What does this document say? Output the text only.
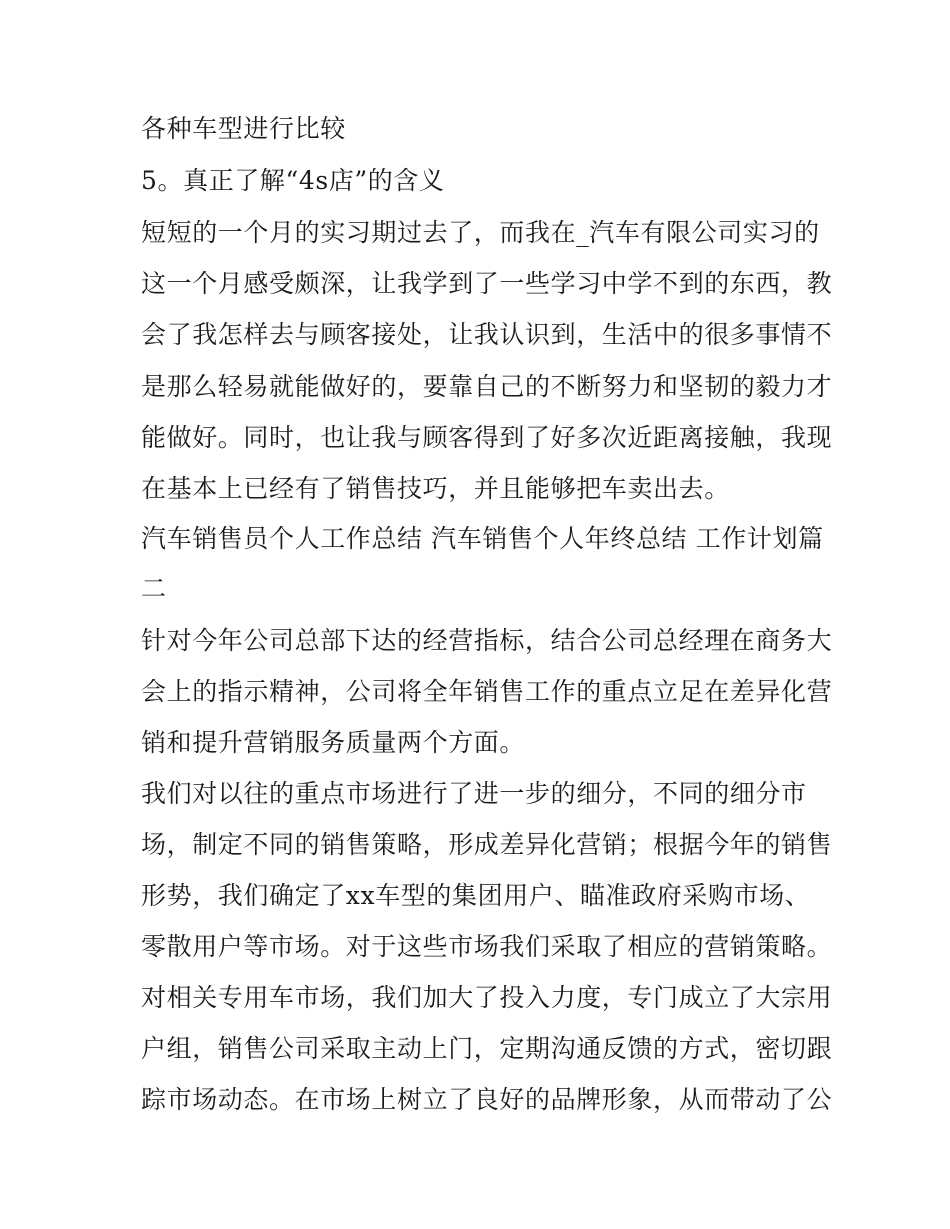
各种车型进行比较
5。真正了解“4s店”的含义
短短的一个月的实习期过去了，而我在_汽车有限公司实习的
这一个月感受颇深，让我学到了一些学习中学不到的东西，教
会了我怎样去与顾客接处，让我认识到，生活中的很多事情不
是那么轻易就能做好的，要靠自己的不断努力和坚韧的毅力才
能做好。同时，也让我与顾客得到了好多次近距离接触，我现
在基本上已经有了销售技巧，并且能够把车卖出去。
汽车销售员个人工作总结 汽车销售个人年终总结 工作计划篇
二
针对今年公司总部下达的经营指标，结合公司总经理在商务大
会上的指示精神，公司将全年销售工作的重点立足在差异化营
销和提升营销服务质量两个方面。
我们对以往的重点市场进行了进一步的细分，不同的细分市
场，制定不同的销售策略，形成差异化营销；根据今年的销售
形势，我们确定了xx车型的集团用户、瞄准政府采购市场、
零散用户等市场。对于这些市场我们采取了相应的营销策略。
对相关专用车市场，我们加大了投入力度，专门成立了大宗用
户组，销售公司采取主动上门，定期沟通反馈的方式，密切跟
踪市场动态。在市场上树立了良好的品牌形象，从而带动了公
